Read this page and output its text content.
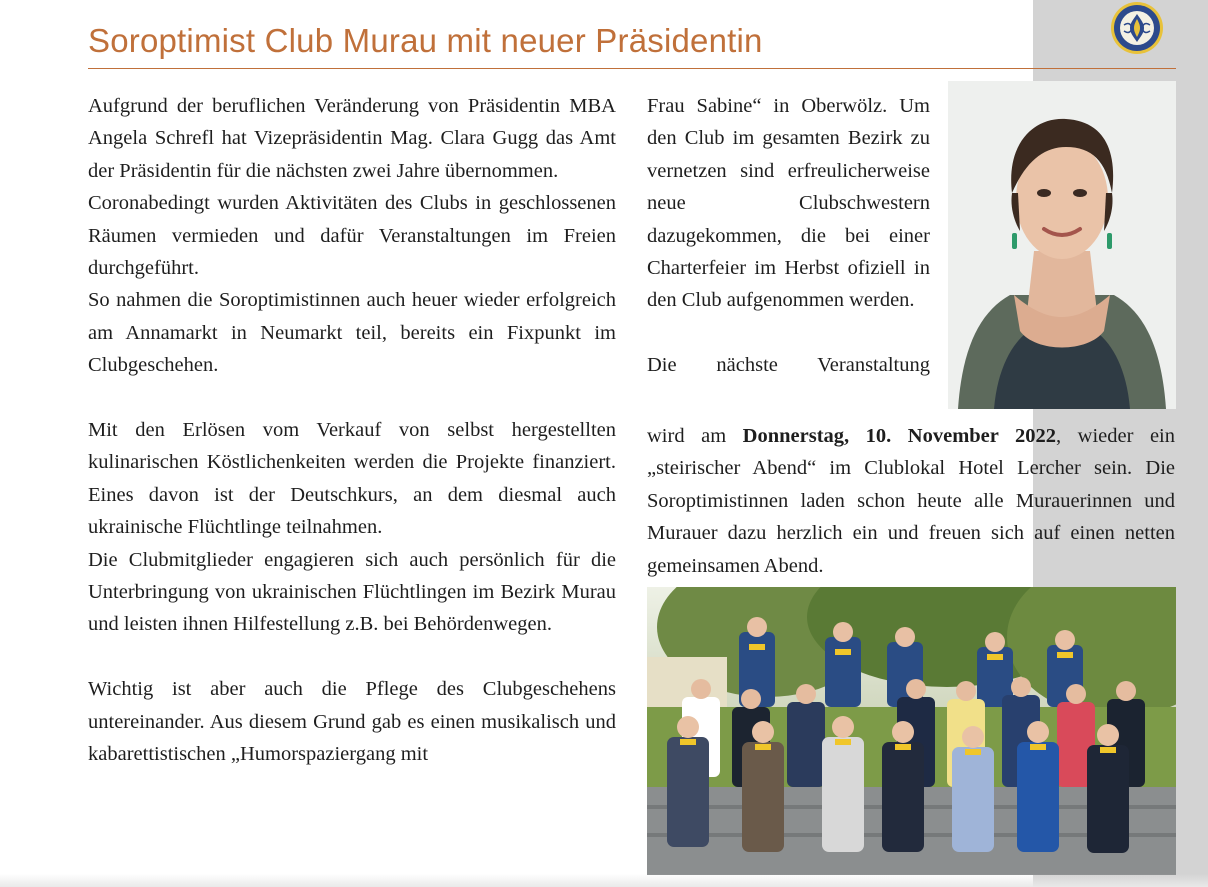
Soroptimist Club Murau mit neuer Präsidentin

Aufgrund der beruflichen Veränderung von Präsidentin MBA Angela Schrefl hat Vizepräsidentin Mag. Clara Gugg das Amt der Präsidentin für die nächsten zwei Jahre übernommen.

Coronabedingt wurden Aktivitäten des Clubs in geschlossenen Räumen vermieden und dafür Veranstaltungen im Freien durchgeführt.

So nahmen die Soroptimistinnen auch heuer wieder erfolgreich am Annamarkt in Neumarkt teil, bereits ein Fixpunkt im Clubgeschehen.

Mit den Erlösen vom Verkauf von selbst hergestellten kulinarischen Köstlichenkeiten werden die Projekte finanziert. Eines davon ist der Deutschkurs, an dem diesmal auch ukrainische Flüchtlinge teilnahmen.

Die Clubmitglieder engagieren sich auch persönlich für die Unterbringung von ukrainischen Flüchtlingen im Bezirk Murau und leisten ihnen Hilfestellung z.B. bei Behördenwegen.

Wichtig ist aber auch die Pflege des Clubgeschehens untereinander. Aus diesem Grund gab es einen musikalisch und kabarettistischen „Humorspaziergang mit

Frau Sabine“ in Oberwölz. Um den Club im gesamten Bezirk zu vernetzen sind erfreulicherweise neue Clubschwestern dazugekommen, die bei einer Charterfeier im Herbst ofiziell in den Club aufgenommen werden.

Die nächste Veranstaltung

wird am Donnerstag, 10. November 2022, wieder ein „steirischer Abend“ im Clublokal Hotel Lercher sein. Die Soroptimistinnen laden schon heute alle Murauerinnen und Murauer dazu herzlich ein und freuen sich auf einen netten gemeinsamen Abend.
